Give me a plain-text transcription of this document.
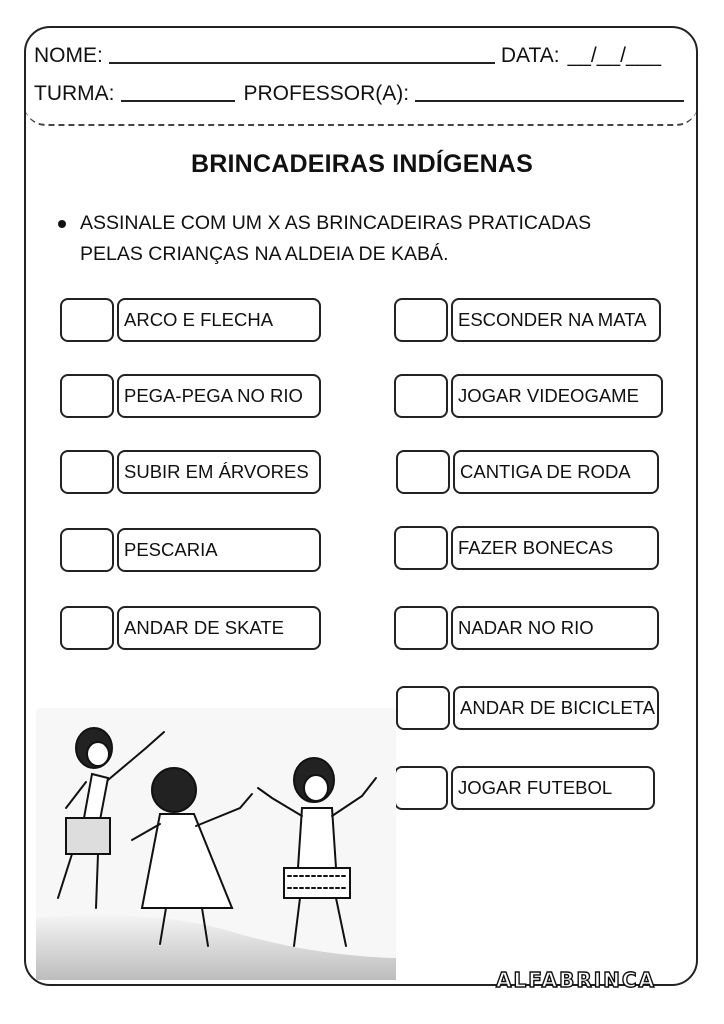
NOME:	DATA: __/__/___
TURMA:	PROFESSOR(A):
BRINCADEIRAS INDÍGENAS
ASSINALE COM UM X AS BRINCADEIRAS PRATICADAS
PELAS CRIANÇAS NA ALDEIA DE KABÁ.
ARCO E FLECHA
PEGA-PEGA NO RIO
SUBIR EM ÁRVORES
PESCARIA
ANDAR DE SKATE
ESCONDER NA MATA
JOGAR VIDEOGAME
CANTIGA DE RODA
FAZER BONECAS
NADAR NO RIO
ANDAR DE BICICLETA
JOGAR FUTEBOL
ALFABRINCA
